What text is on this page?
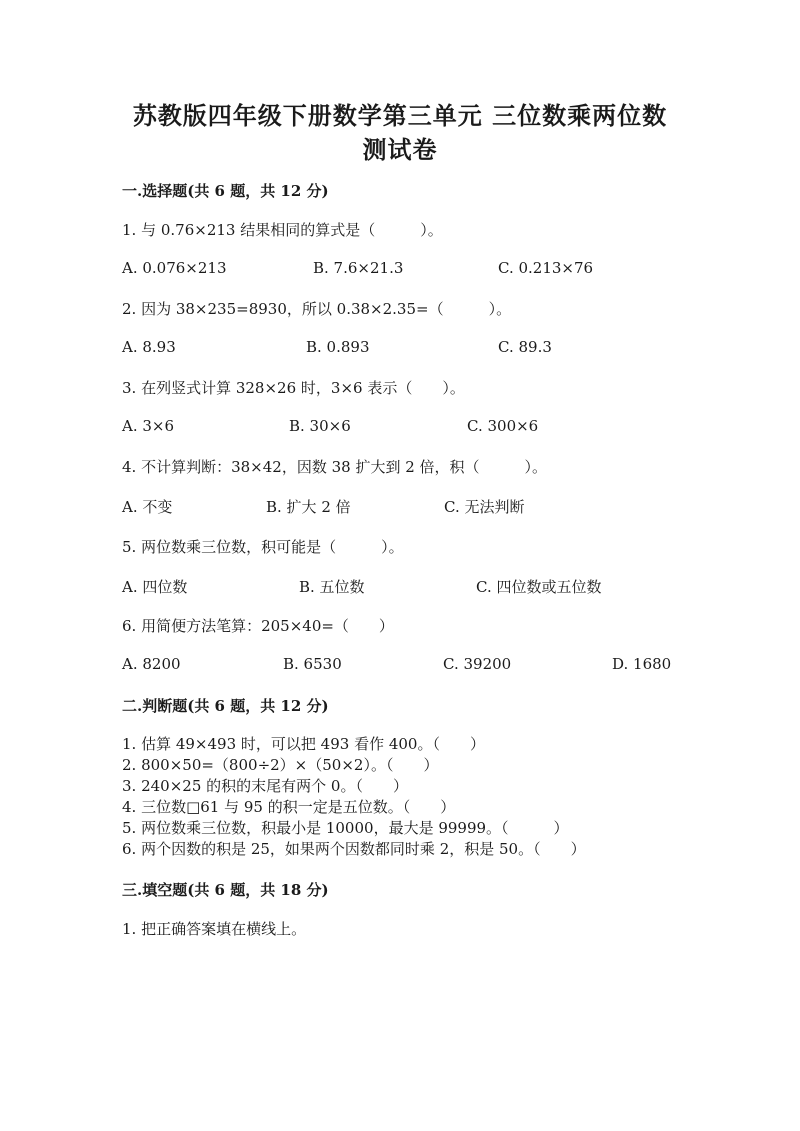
苏教版四年级下册数学第三单元 三位数乘两位数
测试卷
一.选择题(共 6 题，共 12 分)
1. 与 0.76×213 结果相同的算式是（　　　）。
A. 0.076×213	B. 7.6×21.3	C. 0.213×76
2. 因为 38×235=8930，所以 0.38×2.35=（　　　）。
A. 8.93	B. 0.893	C. 89.3
3. 在列竖式计算 328×26 时，3×6 表示（　　）。
A. 3×6	B. 30×6	C. 300×6
4. 不计算判断：38×42，因数 38 扩大到 2 倍，积（　　　）。
A. 不变	B. 扩大 2 倍	C. 无法判断
5. 两位数乘三位数，积可能是（　　　）。
A. 四位数	B. 五位数	C. 四位数或五位数
6. 用简便方法笔算：205×40=（　　）
A. 8200	B. 6530	C. 39200	D. 1680
二.判断题(共 6 题，共 12 分)
1. 估算 49×493 时，可以把 493 看作 400。（　　）
2. 800×50=（800÷2）×（50×2）。（　　）
3. 240×25 的积的末尾有两个 0。（　　）
4. 三位数□61 与 95 的积一定是五位数。（　　）
5. 两位数乘三位数，积最小是 10000，最大是 99999。（　　　）
6. 两个因数的积是 25，如果两个因数都同时乘 2，积是 50。（　　）
三.填空题(共 6 题，共 18 分)
1. 把正确答案填在横线上。
